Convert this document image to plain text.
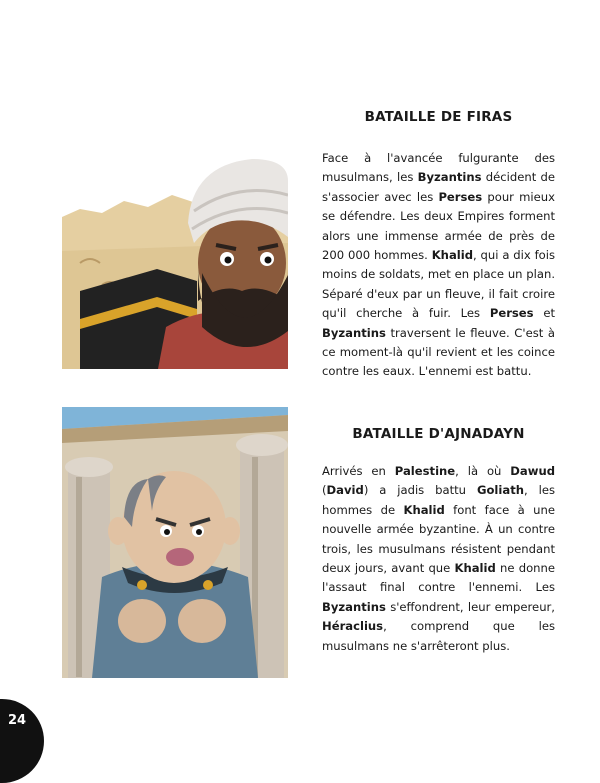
BATAILLE DE FIRAS
Face à l'avancée fulgurante des musulmans, les Byzantins décident de s'associer avec les Perses pour mieux se défendre. Les deux Empires forment alors une immense armée de près de 200 000 hommes. Khalid, qui a dix fois moins de soldats, met en place un plan. Séparé d'eux par un fleuve, il fait croire qu'il cherche à fuir. Les Perses et Byzantins traversent le fleuve. C'est à ce moment-là qu'il revient et les coince contre les eaux. L'ennemi est battu.
BATAILLE D'AJNADAYN
Arrivés en Palestine, là où Dawud (David) a jadis battu Goliath, les hommes de Khalid font face à une nouvelle armée byzantine. À un contre trois, les musulmans résistent pendant deux jours, avant que Khalid ne donne l'assaut final contre l'ennemi. Les Byzantins s'effondrent, leur empereur, Héraclius, comprend que les musulmans ne s'arrêteront plus.
24
